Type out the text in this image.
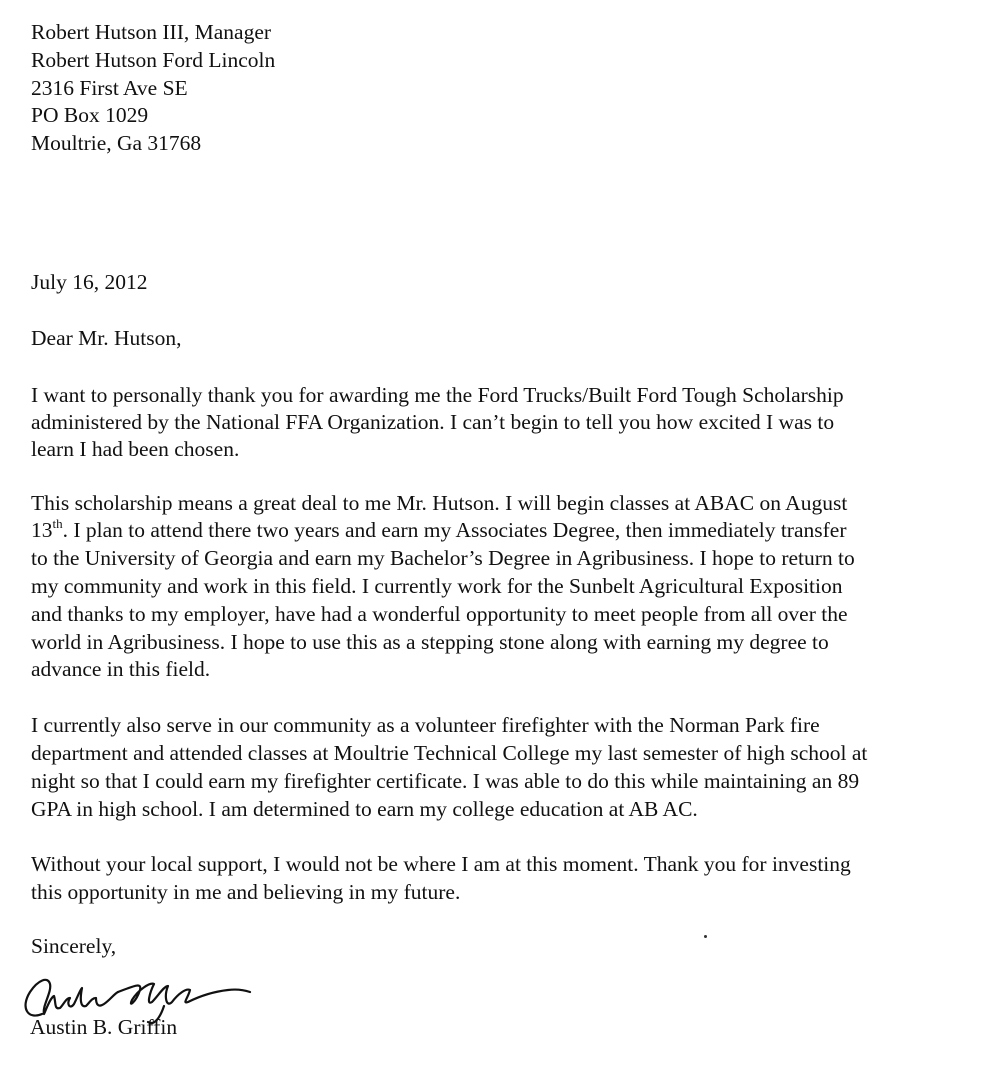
Robert Hutson III, Manager
Robert Hutson Ford Lincoln
2316 First Ave SE
PO Box 1029
Moultrie, Ga 31768
July 16, 2012
Dear Mr. Hutson,
I want to personally thank you for awarding me the Ford Trucks/Built Ford Tough Scholarship
administered by the National FFA Organization. I can’t begin to tell you how excited I was to
learn I had been chosen.
This scholarship means a great deal to me Mr. Hutson. I will begin classes at ABAC on August
13th. I plan to attend there two years and earn my Associates Degree, then immediately transfer
to the University of Georgia and earn my Bachelor’s Degree in Agribusiness. I hope to return to
my community and work in this field. I currently work for the Sunbelt Agricultural Exposition
and thanks to my employer, have had a wonderful opportunity to meet people from all over the
world in Agribusiness. I hope to use this as a stepping stone along with earning my degree to
advance in this field.
I currently also serve in our community as a volunteer firefighter with the Norman Park fire
department and attended classes at Moultrie Technical College my last semester of high school at
night so that I could earn my firefighter certificate. I was able to do this while maintaining an 89
GPA in high school. I am determined to earn my college education at AB AC.
Without your local support, I would not be where I am at this moment. Thank you for investing
this opportunity in me and believing in my future.
Sincerely,
Austin B. Griffin
